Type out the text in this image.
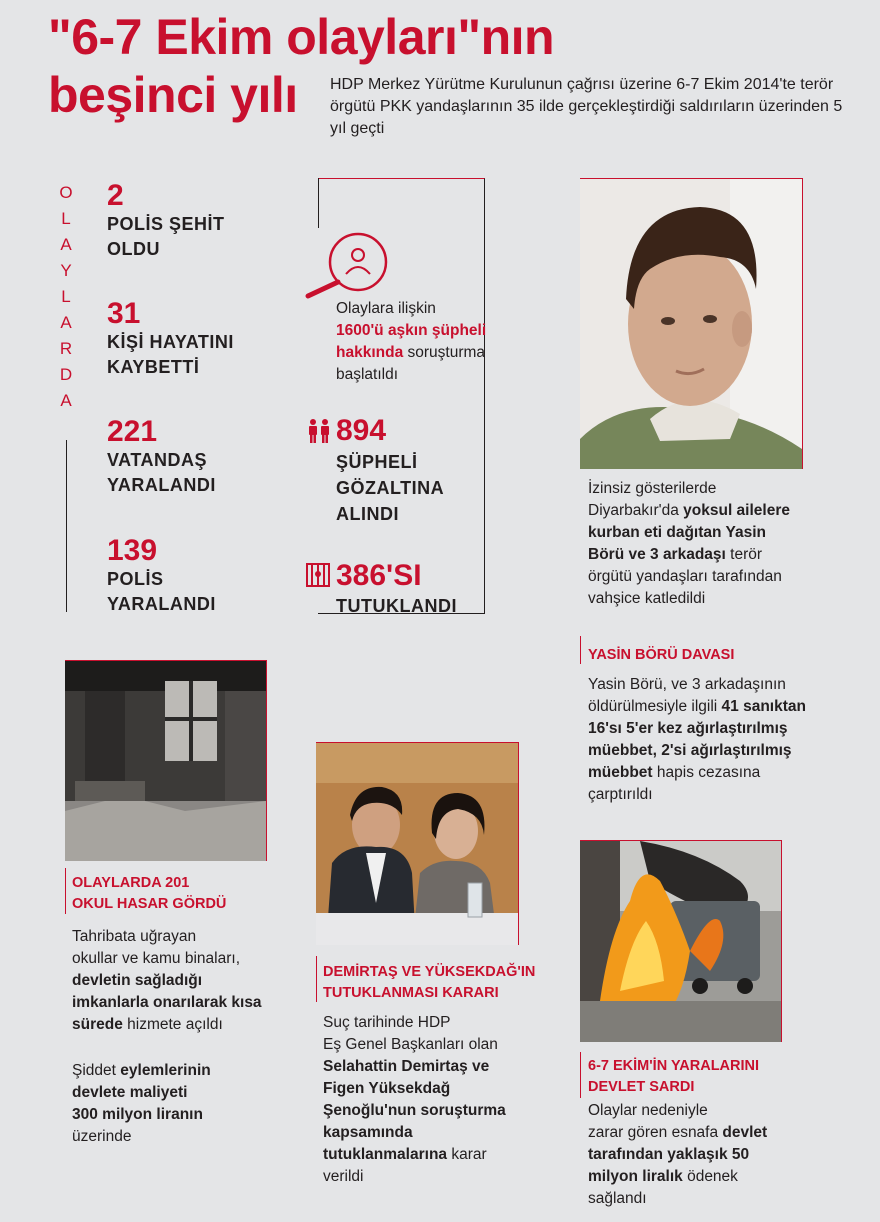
"6-7 Ekim olayları"nın
beşinci yılı	HDP Merkez Yürütme Kurulunun çağrısı üzerine 6-7 Ekim 2014'te terör örgütü PKK yandaşlarının 35 ilde gerçekleştirdiği saldırıların üzerinden 5 yıl geçti
O
L
A
Y
L
A
R
D
A
2
POLİS ŞEHİT
OLDU
31
KİŞİ HAYATINI
KAYBETTİ
221
VATANDAŞ
YARALANDI
139
POLİS
YARALANDI
Olaylara ilişkin
1600'ü aşkın şüpheli
hakkında soruşturma
başlatıldı
894
ŞÜPHELİ
GÖZALTINA
ALINDI
386'SI
TUTUKLANDI
İzinsiz gösterilerde
Diyarbakır'da yoksul ailelere
kurban eti dağıtan Yasin
Börü ve 3 arkadaşı terör
örgütü yandaşları tarafından
vahşice katledildi
YASİN BÖRÜ DAVASI
Yasin Börü, ve 3 arkadaşının
öldürülmesiyle ilgili 41 sanıktan
16'sı 5'er kez ağırlaştırılmış
müebbet, 2'si ağırlaştırılmış
müebbet hapis cezasına
çarptırıldı
OLAYLARDA 201
OKUL HASAR GÖRDÜ
Tahribata uğrayan
okullar ve kamu binaları,
devletin sağladığı
imkanlarla onarılarak kısa
sürede hizmete açıldı
Şiddet eylemlerinin
devlete maliyeti
300 milyon liranın
üzerinde
DEMİRTAŞ VE YÜKSEKDAĞ'IN
TUTUKLANMASI KARARI
Suç tarihinde HDP
Eş Genel Başkanları olan
Selahattin Demirtaş ve
Figen Yüksekdağ
Şenoğlu'nun soruşturma
kapsamında
tutuklanmalarına karar
verildi
6-7 EKİM'İN YARALARINI
DEVLET SARDI
Olaylar nedeniyle
zarar gören esnafa devlet
tarafından yaklaşık 50
milyon liralık ödenek
sağlandı
